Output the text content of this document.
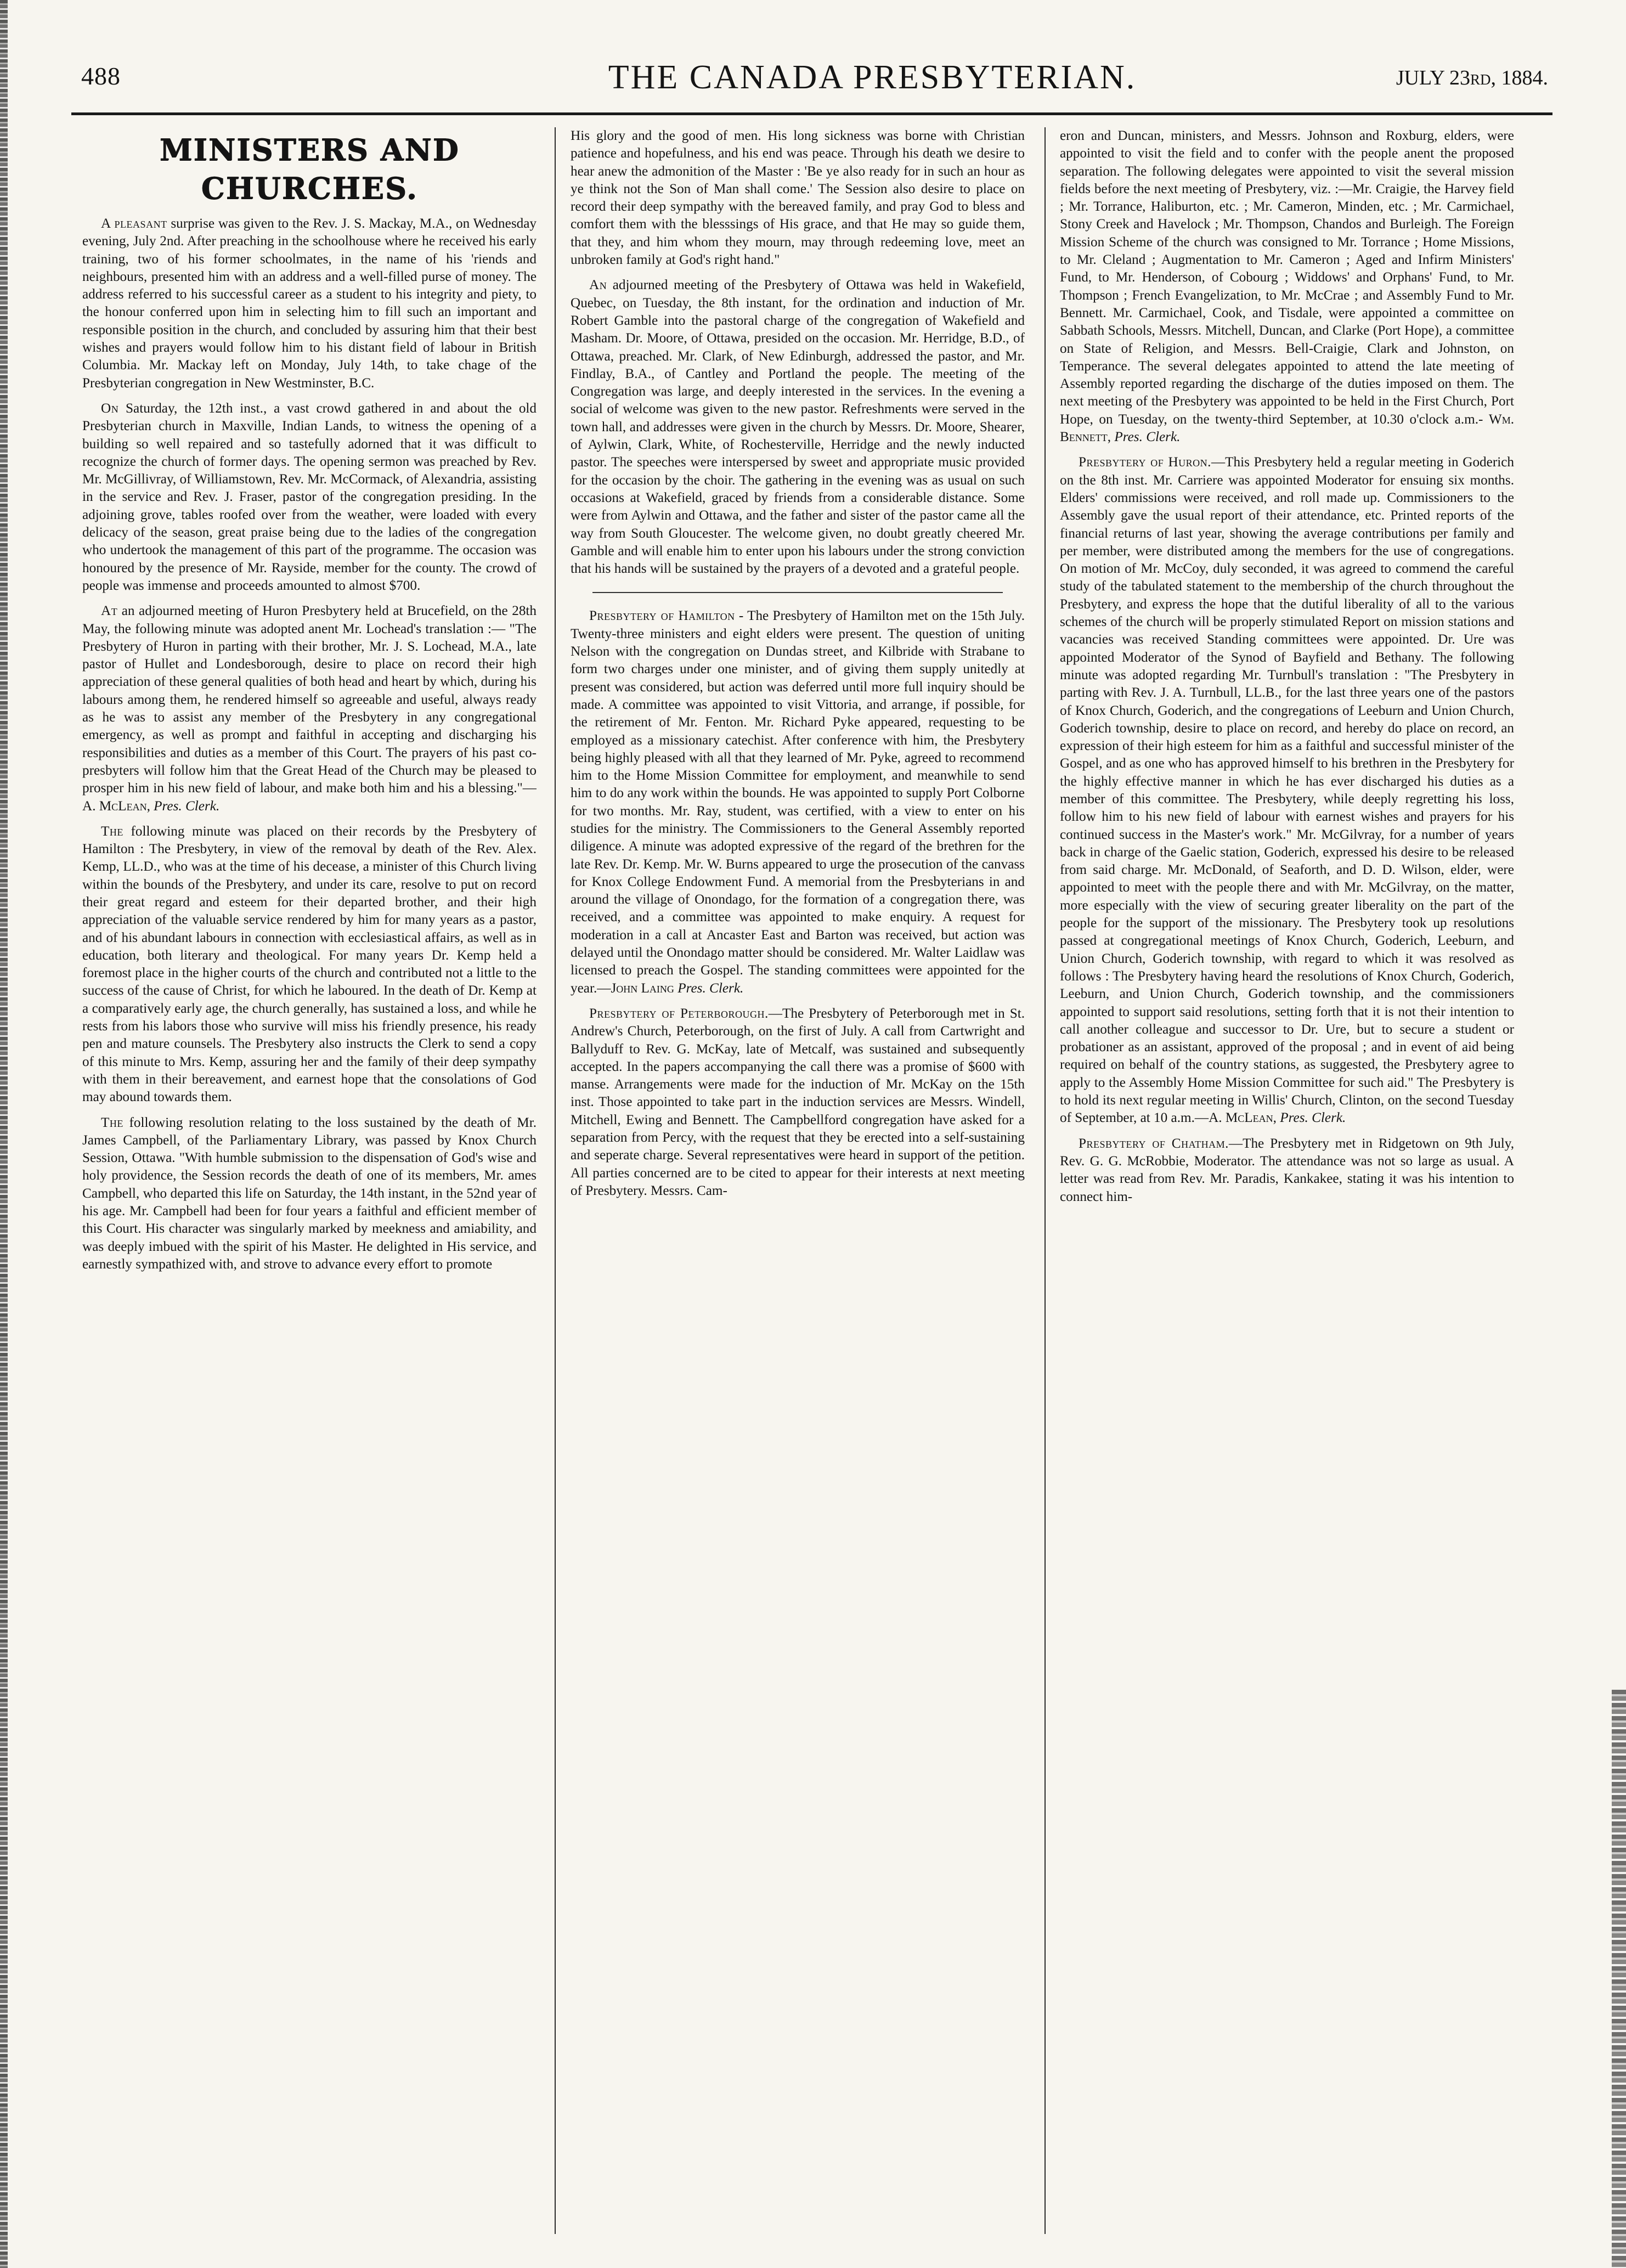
488	THE CANADA PRESBYTERIAN.	JULY 23rd, 1884.
MINISTERS AND CHURCHES.

A pleasant surprise was given to the Rev. J. S. Mackay, M.A., on Wednesday evening, July 2nd. After preaching in the schoolhouse where he received his early training, two of his former schoolmates, in the name of his 'riends and neighbours, presented him with an address and a well-filled purse of money. The address referred to his successful career as a student to his integrity and piety, to the honour conferred upon him in selecting him to fill such an important and responsible position in the church, and concluded by assuring him that their best wishes and prayers would follow him to his distant field of labour in British Columbia. Mr. Mackay left on Monday, July 14th, to take chage of the Presbyterian congregation in New Westminster, B.C.

On Saturday, the 12th inst., a vast crowd gathered in and about the old Presbyterian church in Maxville, Indian Lands, to witness the opening of a building so well repaired and so tastefully adorned that it was difficult to recognize the church of former days. The opening sermon was preached by Rev. Mr. McGillivray, of Williamstown, Rev. Mr. McCormack, of Alexandria, assisting in the service and Rev. J. Fraser, pastor of the congregation presiding. In the adjoining grove, tables roofed over from the weather, were loaded with every delicacy of the season, great praise being due to the ladies of the congregation who undertook the management of this part of the programme. The occasion was honoured by the presence of Mr. Rayside, member for the county. The crowd of people was immense and proceeds amounted to almost $700.

At an adjourned meeting of Huron Presbytery held at Brucefield, on the 28th May, the following minute was adopted anent Mr. Lochead's translation :— "The Presbytery of Huron in parting with their brother, Mr. J. S. Lochead, M.A., late pastor of Hullet and Londesborough, desire to place on record their high appreciation of these general qualities of both head and heart by which, during his labours among them, he rendered himself so agreeable and useful, always ready as he was to assist any member of the Presbytery in any congregational emergency, as well as prompt and faithful in accepting and discharging his responsibilities and duties as a member of this Court. The prayers of his past co-presbyters will follow him that the Great Head of the Church may be pleased to prosper him in his new field of labour, and make both him and his a blessing."—A. McLean, Pres. Clerk.

The following minute was placed on their records by the Presbytery of Hamilton : The Presbytery, in view of the removal by death of the Rev. Alex. Kemp, LL.D., who was at the time of his decease, a minister of this Church living within the bounds of the Presbytery, and under its care, resolve to put on record their great regard and esteem for their departed brother, and their high appreciation of the valuable service rendered by him for many years as a pastor, and of his abundant labours in connection with ecclesiastical affairs, as well as in education, both literary and theological. For many years Dr. Kemp held a foremost place in the higher courts of the church and contributed not a little to the success of the cause of Christ, for which he laboured. In the death of Dr. Kemp at a comparatively early age, the church generally, has sustained a loss, and while he rests from his labors those who survive will miss his friendly presence, his ready pen and mature counsels. The Presbytery also instructs the Clerk to send a copy of this minute to Mrs. Kemp, assuring her and the family of their deep sympathy with them in their bereavement, and earnest hope that the consolations of God may abound towards them.

The following resolution relating to the loss sustained by the death of Mr. James Campbell, of the Parliamentary Library, was passed by Knox Church Session, Ottawa. "With humble submission to the dispensation of God's wise and holy providence, the Session records the death of one of its members, Mr. ames Campbell, who departed this life on Saturday, the 14th instant, in the 52nd year of his age. Mr. Campbell had been for four years a faithful and efficient member of this Court. His character was singularly marked by meekness and amiability, and was deeply imbued with the spirit of his Master. He delighted in His service, and earnestly sympathized with, and strove to advance every effort to promote

His glory and the good of men. His long sickness was borne with Christian patience and hopefulness, and his end was peace. Through his death we desire to hear anew the admonition of the Master : 'Be ye also ready for in such an hour as ye think not the Son of Man shall come.' The Session also desire to place on record their deep sympathy with the bereaved family, and pray God to bless and comfort them with the blesssings of His grace, and that He may so guide them, that they, and him whom they mourn, may through redeeming love, meet an unbroken family at God's right hand."

An adjourned meeting of the Presbytery of Ottawa was held in Wakefield, Quebec, on Tuesday, the 8th instant, for the ordination and induction of Mr. Robert Gamble into the pastoral charge of the congregation of Wakefield and Masham. Dr. Moore, of Ottawa, presided on the occasion. Mr. Herridge, B.D., of Ottawa, preached. Mr. Clark, of New Edinburgh, addressed the pastor, and Mr. Findlay, B.A., of Cantley and Portland the people. The meeting of the Congregation was large, and deeply interested in the services. In the evening a social of welcome was given to the new pastor. Refreshments were served in the town hall, and addresses were given in the church by Messrs. Dr. Moore, Shearer, of Aylwin, Clark, White, of Rochesterville, Herridge and the newly inducted pastor. The speeches were interspersed by sweet and appropriate music provided for the occasion by the choir. The gathering in the evening was as usual on such occasions at Wakefield, graced by friends from a considerable distance. Some were from Aylwin and Ottawa, and the father and sister of the pastor came all the way from South Gloucester. The welcome given, no doubt greatly cheered Mr. Gamble and will enable him to enter upon his labours under the strong conviction that his hands will be sustained by the prayers of a devoted and a grateful people.

Presbytery of Hamilton - The Presbytery of Hamilton met on the 15th July. Twenty-three ministers and eight elders were present. The question of uniting Nelson with the congregation on Dundas street, and Kilbride with Strabane to form two charges under one minister, and of giving them supply unitedly at present was considered, but action was deferred until more full inquiry should be made. A committee was appointed to visit Vittoria, and arrange, if possible, for the retirement of Mr. Fenton. Mr. Richard Pyke appeared, requesting to be employed as a missionary catechist. After conference with him, the Presbytery being highly pleased with all that they learned of Mr. Pyke, agreed to recommend him to the Home Mission Committee for employment, and meanwhile to send him to do any work within the bounds. He was appointed to supply Port Colborne for two months. Mr. Ray, student, was certified, with a view to enter on his studies for the ministry. The Commissioners to the General Assembly reported diligence. A minute was adopted expressive of the regard of the brethren for the late Rev. Dr. Kemp. Mr. W. Burns appeared to urge the prosecution of the canvass for Knox College Endowment Fund. A memorial from the Presbyterians in and around the village of Onondago, for the formation of a congregation there, was received, and a committee was appointed to make enquiry. A request for moderation in a call at Ancaster East and Barton was received, but action was delayed until the Onondago matter should be considered. Mr. Walter Laidlaw was licensed to preach the Gospel. The standing committees were appointed for the year.—John Laing Pres. Clerk.

Presbytery of Peterborough.—The Presbytery of Peterborough met in St. Andrew's Church, Peterborough, on the first of July. A call from Cartwright and Ballyduff to Rev. G. McKay, late of Metcalf, was sustained and subsequently accepted. In the papers accompanying the call there was a promise of $600 with manse. Arrangements were made for the induction of Mr. McKay on the 15th inst. Those appointed to take part in the induction services are Messrs. Windell, Mitchell, Ewing and Bennett. The Campbellford congregation have asked for a separation from Percy, with the request that they be erected into a self-sustaining and seperate charge. Several representatives were heard in support of the petition. All parties concerned are to be cited to appear for their interests at next meeting of Presbytery. Messrs. Cam-

eron and Duncan, ministers, and Messrs. Johnson and Roxburg, elders, were appointed to visit the field and to confer with the people anent the proposed separation. The following delegates were appointed to visit the several mission fields before the next meeting of Presbytery, viz. :—Mr. Craigie, the Harvey field ; Mr. Torrance, Haliburton, etc. ; Mr. Cameron, Minden, etc. ; Mr. Carmichael, Stony Creek and Havelock ; Mr. Thompson, Chandos and Burleigh. The Foreign Mission Scheme of the church was consigned to Mr. Torrance ; Home Missions, to Mr. Cleland ; Augmentation to Mr. Cameron ; Aged and Infirm Ministers' Fund, to Mr. Henderson, of Cobourg ; Widdows' and Orphans' Fund, to Mr. Thompson ; French Evangelization, to Mr. McCrae ; and Assembly Fund to Mr. Bennett. Mr. Carmichael, Cook, and Tisdale, were appointed a committee on Sabbath Schools, Messrs. Mitchell, Duncan, and Clarke (Port Hope), a committee on State of Religion, and Messrs. Bell-Craigie, Clark and Johnston, on Temperance. The several delegates appointed to attend the late meeting of Assembly reported regarding the discharge of the duties imposed on them. The next meeting of the Presbytery was appointed to be held in the First Church, Port Hope, on Tuesday, on the twenty-third September, at 10.30 o'clock a.m.- Wm. Bennett, Pres. Clerk.

Presbytery of Huron.—This Presbytery held a regular meeting in Goderich on the 8th inst. Mr. Carriere was appointed Moderator for ensuing six months. Elders' commissions were received, and roll made up. Commissioners to the Assembly gave the usual report of their attendance, etc. Printed reports of the financial returns of last year, showing the average contributions per family and per member, were distributed among the members for the use of congregations. On motion of Mr. McCoy, duly seconded, it was agreed to commend the careful study of the tabulated statement to the membership of the church throughout the Presbytery, and express the hope that the dutiful liberality of all to the various schemes of the church will be properly stimulated Report on mission stations and vacancies was received Standing committees were appointed. Dr. Ure was appointed Moderator of the Synod of Bayfield and Bethany. The following minute was adopted regarding Mr. Turnbull's translation : "The Presbytery in parting with Rev. J. A. Turnbull, LL.B., for the last three years one of the pastors of Knox Church, Goderich, and the congregations of Leeburn and Union Church, Goderich township, desire to place on record, and hereby do place on record, an expression of their high esteem for him as a faithful and successful minister of the Gospel, and as one who has approved himself to his brethren in the Presbytery for the highly effective manner in which he has ever discharged his duties as a member of this committee. The Presbytery, while deeply regretting his loss, follow him to his new field of labour with earnest wishes and prayers for his continued success in the Master's work." Mr. McGilvray, for a number of years back in charge of the Gaelic station, Goderich, expressed his desire to be released from said charge. Mr. McDonald, of Seaforth, and D. D. Wilson, elder, were appointed to meet with the people there and with Mr. McGilvray, on the matter, more especially with the view of securing greater liberality on the part of the people for the support of the missionary. The Presbytery took up resolutions passed at congregational meetings of Knox Church, Goderich, Leeburn, and Union Church, Goderich township, with regard to which it was resolved as follows : The Presbytery having heard the resolutions of Knox Church, Goderich, Leeburn, and Union Church, Goderich township, and the commissioners appointed to support said resolutions, setting forth that it is not their intention to call another colleague and successor to Dr. Ure, but to secure a student or probationer as an assistant, approved of the proposal ; and in event of aid being required on behalf of the country stations, as suggested, the Presbytery agree to apply to the Assembly Home Mission Committee for such aid." The Presbytery is to hold its next regular meeting in Willis' Church, Clinton, on the second Tuesday of September, at 10 a.m.—A. McLean, Pres. Clerk.

Presbytery of Chatham.—The Presbytery met in Ridgetown on 9th July, Rev. G. G. McRobbie, Moderator. The attendance was not so large as usual. A letter was read from Rev. Mr. Paradis, Kankakee, stating it was his intention to connect him-
